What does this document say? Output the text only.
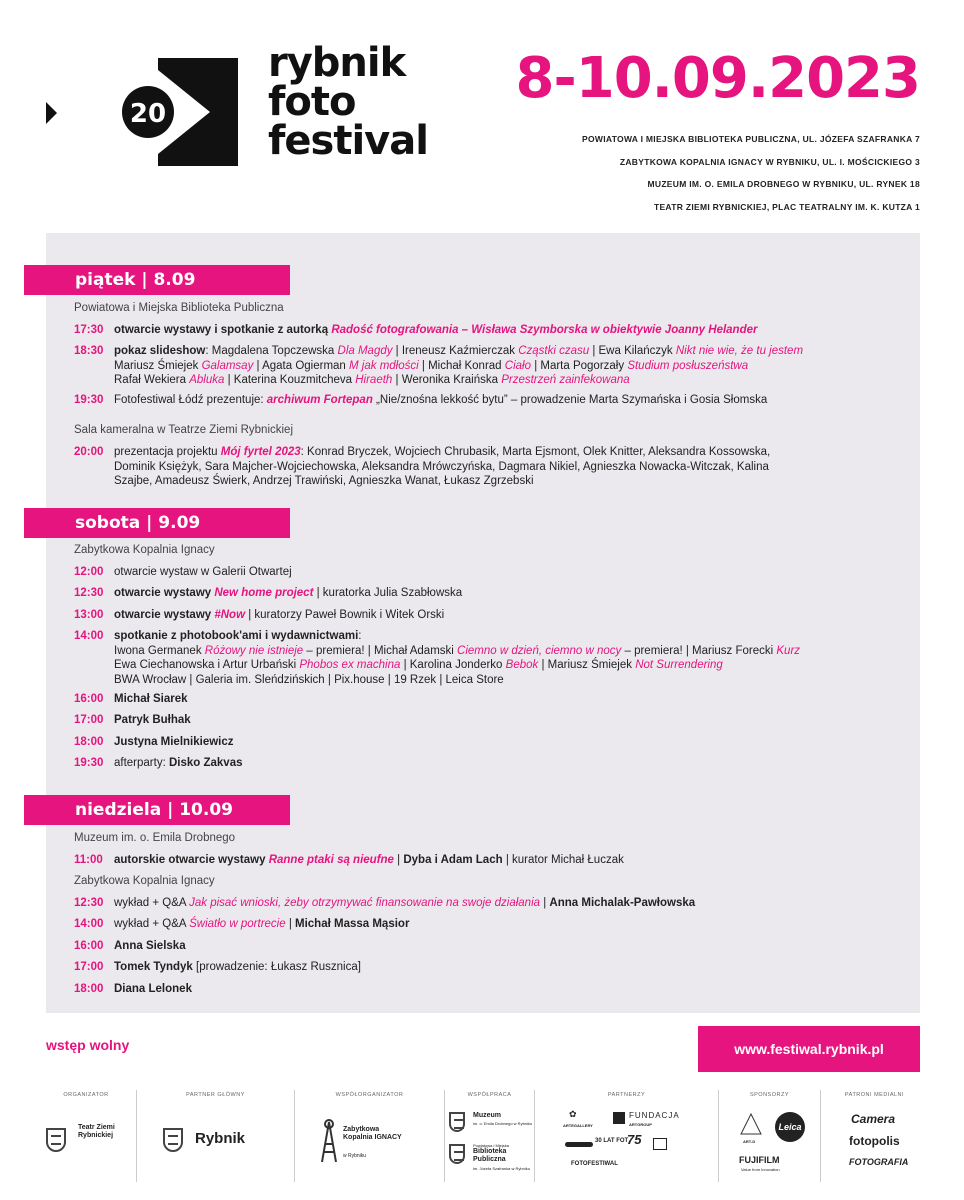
20
rybnik
foto
festival
8-10.09.2023
POWIATOWA I MIEJSKA BIBLIOTEKA PUBLICZNA, UL. JÓZEFA SZAFRANKA 7
ZABYTKOWA KOPALNIA IGNACY W RYBNIKU, UL. I. MOŚCICKIEGO 3
MUZEUM IM. O. EMILA DROBNEGO W RYBNIKU, UL. RYNEK 18
TEATR ZIEMI RYBNICKIEJ, PLAC TEATRALNY IM. K. KUTZA 1
piątek | 8.09
Powiatowa i Miejska Biblioteka Publiczna
17:30 otwarcie wystawy i spotkanie z autorką Radość fotografowania – Wisława Szymborska w obiektywie Joanny Helander
18:30 pokaz slideshow: Magdalena Topczewska Dla Magdy | Ireneusz Kaźmierczak Cząstki czasu | Ewa Kilańczyk Nikt nie wie, że tu jestem
Mariusz Śmiejek Galamsay | Agata Ogierman M jak mdłości | Michał Konrad Ciało | Marta Pogorzały Studium posłuszeństwa
Rafał Wekiera Abluka | Katerina Kouzmitcheva Hiraeth | Weronika Kraińska Przestrzeń zainfekowana
19:30 Fotofestiwal Łódź prezentuje: archiwum Fortepan „Nie/znośna lekkość bytu” – prowadzenie Marta Szymańska i Gosia Słomska
Sala kameralna w Teatrze Ziemi Rybnickiej
20:00 prezentacja projektu Mój fyrtel 2023: Konrad Bryczek, Wojciech Chrubasik, Marta Ejsmont, Olek Knitter, Aleksandra Kossowska,
Dominik Księżyk, Sara Majcher-Wojciechowska, Aleksandra Mrówczyńska, Dagmara Nikiel, Agnieszka Nowacka-Witczak, Kalina
Szajbe, Amadeusz Świerk, Andrzej Trawiński, Agnieszka Wanat, Łukasz Zgrzebski
sobota | 9.09
Zabytkowa Kopalnia Ignacy
12:00 otwarcie wystaw w Galerii Otwartej
12:30 otwarcie wystawy New home project | kuratorka Julia Szabłowska
13:00 otwarcie wystawy #Now | kuratorzy Paweł Bownik i Witek Orski
14:00 spotkanie z photobook'ami i wydawnictwami:
Iwona Germanek Różowy nie istnieje – premiera! | Michał Adamski Ciemno w dzień, ciemno w nocy – premiera! | Mariusz Forecki Kurz
Ewa Ciechanowska i Artur Urbański Phobos ex machina | Karolina Jonderko Bebok | Mariusz Śmiejek Not Surrendering
BWA Wrocław | Galeria im. Sleńdzińskich | Pix.house | 19 Rzek | Leica Store
16:00 Michał Siarek
17:00 Patryk Bułhak
18:00 Justyna Mielnikiewicz
19:30 afterparty: Disko Zakvas
niedziela | 10.09
Muzeum im. o. Emila Drobnego
11:00 autorskie otwarcie wystawy Ranne ptaki są nieufne | Dyba i Adam Lach | kurator Michał Łuczak
Zabytkowa Kopalnia Ignacy
12:30 wykład + Q&A Jak pisać wnioski, żeby otrzymywać finansowanie na swoje działania | Anna Michalak-Pawłowska
14:00 wykład + Q&A Światło w portrecie | Michał Massa Mąsior
16:00 Anna Sielska
17:00 Tomek Tyndyk [prowadzenie: Łukasz Rusznica]
18:00 Diana Lelonek
wstęp wolny	www.festiwal.rybnik.pl
ORGANIZATOR
Teatr Ziemi Rybnickiej
PARTNER GŁÓWNY
Rybnik
WSPÓŁORGANIZATOR
Zabytkowa Kopalnia IGNACY
w Rybniku
WSPÓŁPRACA
Muzeum
im. o. Emila Drobnego w Rybniku
Powiatowa i Miejska
Biblioteka Publiczna
im. Józefa Szafranka w Rybniku
PARTNERZY
✿
ARTEGALLERY
FUNDACJA
ARTGROUP
30 LAT FOT
75
FOTOFESTIWAL
SPONSORZY
ART-D
Leica
FUJIFILM
Value from Innovation
PATRONI MEDIALNI
Camera
fotopolis
FOTOGRAFIA
